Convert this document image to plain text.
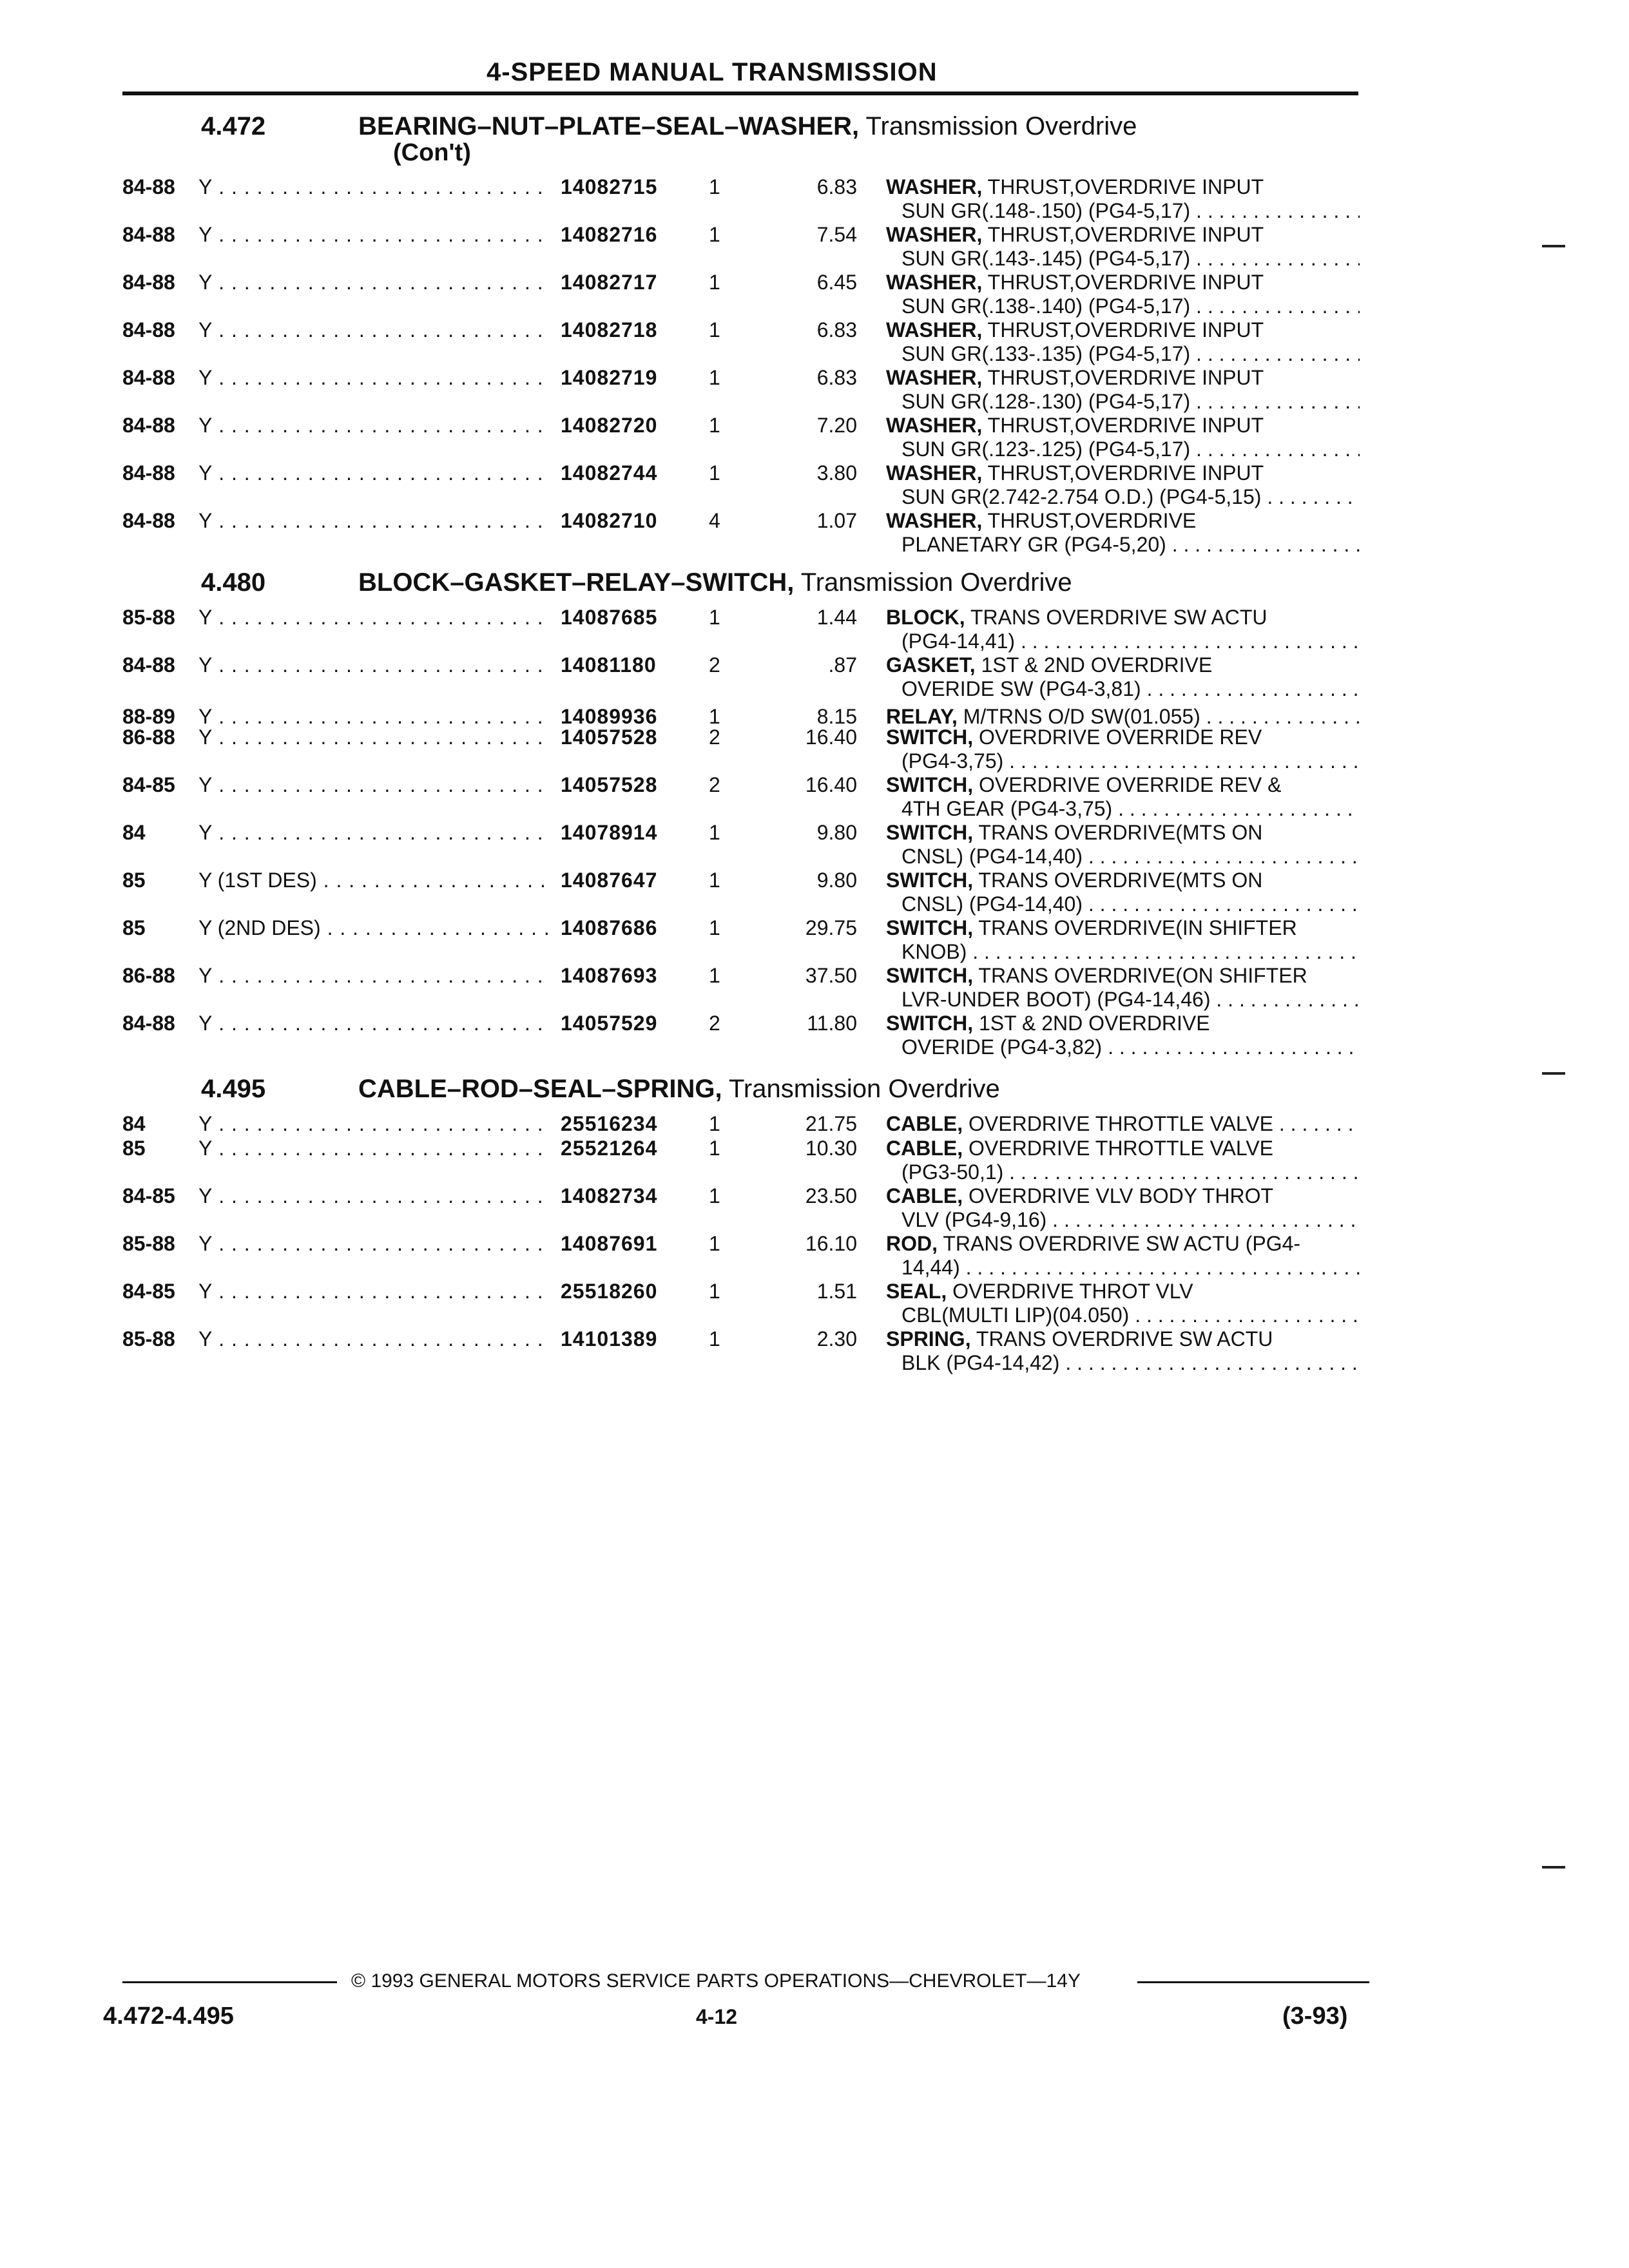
4-SPEED MANUAL TRANSMISSION
4.472	BEARING–NUT–PLATE–SEAL–WASHER, Transmission Overdrive
(Con't)
84-88 Y . . .	14082715 1	6.83 WASHER, THRUST,OVERDRIVE INPUT
SUN GR(.148-.150) (PG4-5,17) . . .
84-88 Y . . .	14082716 1	7.54 WASHER, THRUST,OVERDRIVE INPUT
SUN GR(.143-.145) (PG4-5,17) . . .
84-88 Y . . .	14082717 1	6.45 WASHER, THRUST,OVERDRIVE INPUT
SUN GR(.138-.140) (PG4-5,17) . . .
84-88 Y . . .	14082718 1	6.83 WASHER, THRUST,OVERDRIVE INPUT
SUN GR(.133-.135) (PG4-5,17) . . .
84-88 Y . . .	14082719 1	6.83 WASHER, THRUST,OVERDRIVE INPUT
SUN GR(.128-.130) (PG4-5,17) . . .
84-88 Y . . .	14082720 1	7.20 WASHER, THRUST,OVERDRIVE INPUT
SUN GR(.123-.125) (PG4-5,17) . . .
84-88 Y . . .	14082744 1	3.80 WASHER, THRUST,OVERDRIVE INPUT
SUN GR(2.742-2.754 O.D.) (PG4-5,15) . . .
84-88 Y . . .	14082710 4	1.07 WASHER, THRUST,OVERDRIVE
PLANETARY GR (PG4-5,20) . . .
4.480	BLOCK–GASKET–RELAY–SWITCH, Transmission Overdrive
85-88 Y . . .	14087685 1	1.44 BLOCK, TRANS OVERDRIVE SW ACTU
(PG4-14,41) . . .
84-88 Y . . .	14081180	2	.87 GASKET, 1ST & 2ND OVERDRIVE
OVERIDE SW (PG4-3,81) . . .
88-89 Y . . .	14089936 1	8.15 RELAY, M/TRNS O/D SW(01.055) . . .
86-88 Y . . .	14057528 2	16.40 SWITCH, OVERDRIVE OVERRIDE REV
(PG4-3,75) . . .
84-85 Y . . .	14057528 2	16.40 SWITCH, OVERDRIVE OVERRIDE REV &
4TH GEAR (PG4-3,75) . . .
84	Y . . .	14078914 1	9.80 SWITCH, TRANS OVERDRIVE(MTS ON
CNSL) (PG4-14,40) . . .
85	Y (1ST DES) . . .	14087647 1	9.80 SWITCH, TRANS OVERDRIVE(MTS ON
CNSL) (PG4-14,40) . . .
85	Y (2ND DES) . . .	14087686 1	29.75 SWITCH, TRANS OVERDRIVE(IN SHIFTER
KNOB) . . .
86-88 Y . . .	14087693 1	37.50 SWITCH, TRANS OVERDRIVE(ON SHIFTER
LVR-UNDER BOOT) (PG4-14,46) . . .
84-88 Y . . .	14057529 2	11.80 SWITCH, 1ST & 2ND OVERDRIVE
OVERIDE (PG4-3,82) . . .
4.495	CABLE–ROD–SEAL–SPRING, Transmission Overdrive
84	Y . . .	25516234 1	21.75 CABLE, OVERDRIVE THROTTLE VALVE . . .
85	Y . . .	25521264 1	10.30 CABLE, OVERDRIVE THROTTLE VALVE
(PG3-50,1) . . .
84-85 Y . . .	14082734 1	23.50 CABLE, OVERDRIVE VLV BODY THROT
VLV (PG4-9,16) . . .
85-88 Y . . .	14087691 1	16.10 ROD, TRANS OVERDRIVE SW ACTU (PG4-
14,44) . . .
84-85 Y . . .	25518260 1	1.51 SEAL, OVERDRIVE THROT VLV
CBL(MULTI LIP)(04.050) . . .
85-88 Y . . .	14101389 1	2.30 SPRING, TRANS OVERDRIVE SW ACTU
BLK (PG4-14,42) . . .
© 1993 GENERAL MOTORS SERVICE PARTS OPERATIONS—CHEVROLET—14Y
4.472-4.495	4-12	(3-93)
